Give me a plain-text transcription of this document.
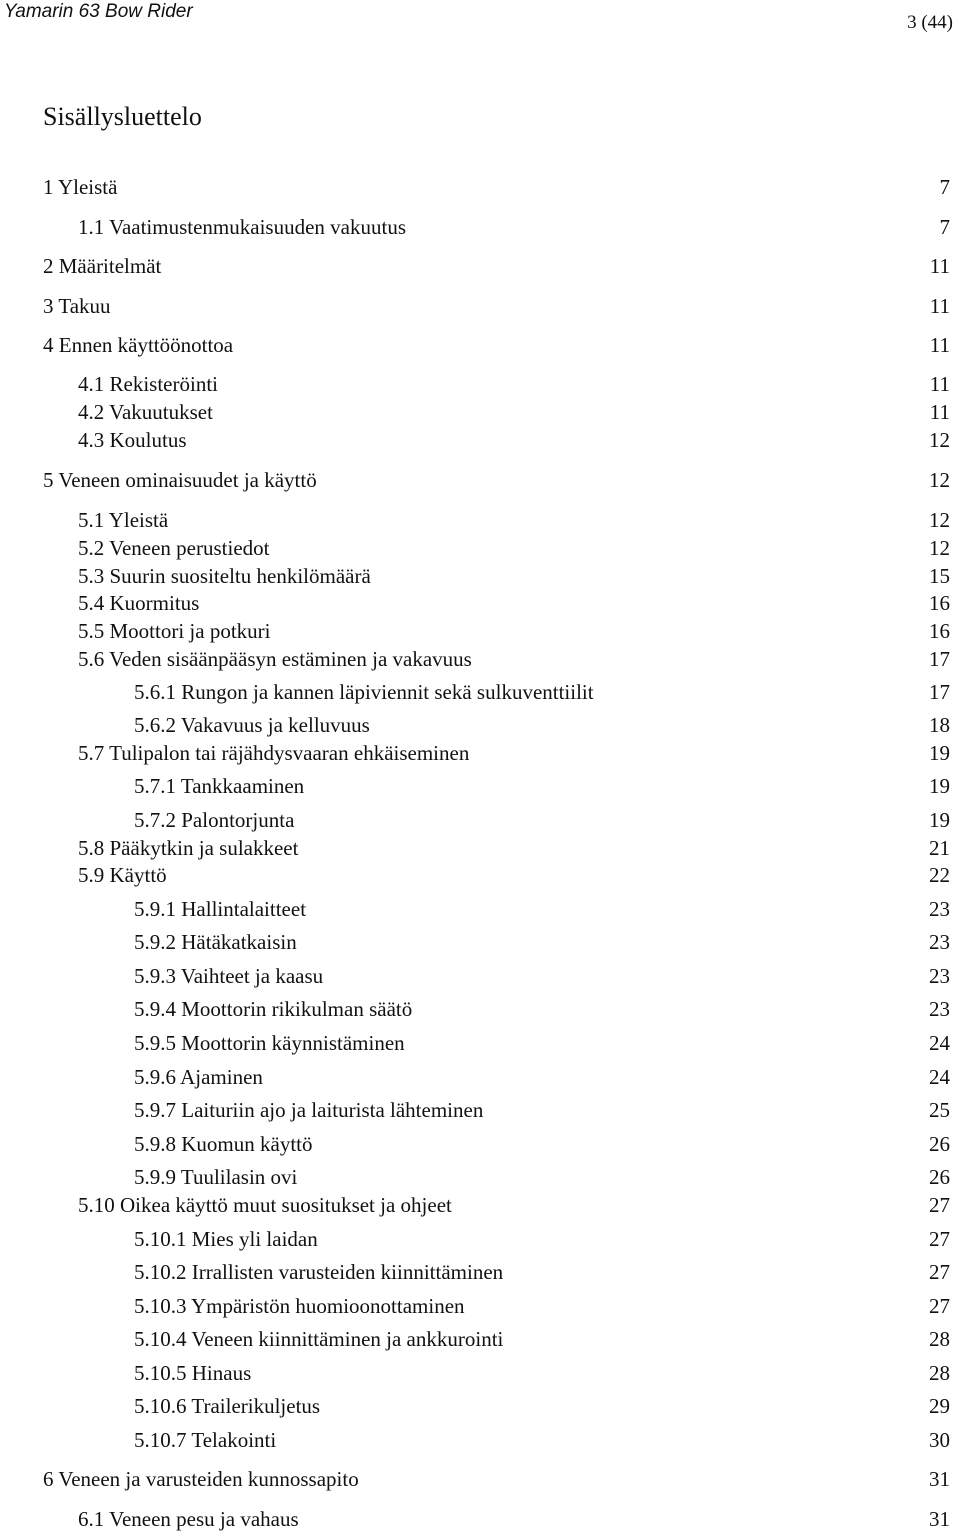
Yamarin 63 Bow Rider
3 (44)
Sisällysluettelo
1 Yleistä	7
1.1 Vaatimustenmukaisuuden vakuutus	7
2 Määritelmät	11
3 Takuu	11
4 Ennen käyttöönottoa	11
4.1 Rekisteröinti	11
4.2 Vakuutukset	11
4.3 Koulutus	12
5 Veneen ominaisuudet ja käyttö	12
5.1 Yleistä	12
5.2 Veneen perustiedot	12
5.3 Suurin suositeltu henkilömäärä	15
5.4 Kuormitus	16
5.5 Moottori ja potkuri	16
5.6 Veden sisäänpääsyn estäminen ja vakavuus	17
5.6.1 Rungon ja kannen läpiviennit sekä sulkuventtiilit	17
5.6.2 Vakavuus ja kelluvuus	18
5.7 Tulipalon tai räjähdysvaaran ehkäiseminen	19
5.7.1 Tankkaaminen	19
5.7.2 Palontorjunta	19
5.8 Pääkytkin ja sulakkeet	21
5.9 Käyttö	22
5.9.1 Hallintalaitteet	23
5.9.2 Hätäkatkaisin	23
5.9.3 Vaihteet ja kaasu	23
5.9.4 Moottorin rikikulman säätö	23
5.9.5 Moottorin käynnistäminen	24
5.9.6 Ajaminen	24
5.9.7 Laituriin ajo ja laiturista lähteminen	25
5.9.8 Kuomun käyttö	26
5.9.9 Tuulilasin ovi	26
5.10 Oikea käyttö muut suositukset ja ohjeet	27
5.10.1 Mies yli laidan	27
5.10.2 Irrallisten varusteiden kiinnittäminen	27
5.10.3 Ympäristön huomioonottaminen	27
5.10.4 Veneen kiinnittäminen ja ankkurointi	28
5.10.5 Hinaus	28
5.10.6 Trailerikuljetus	29
5.10.7 Telakointi	30
6 Veneen ja varusteiden kunnossapito	31
6.1 Veneen pesu ja vahaus	31
